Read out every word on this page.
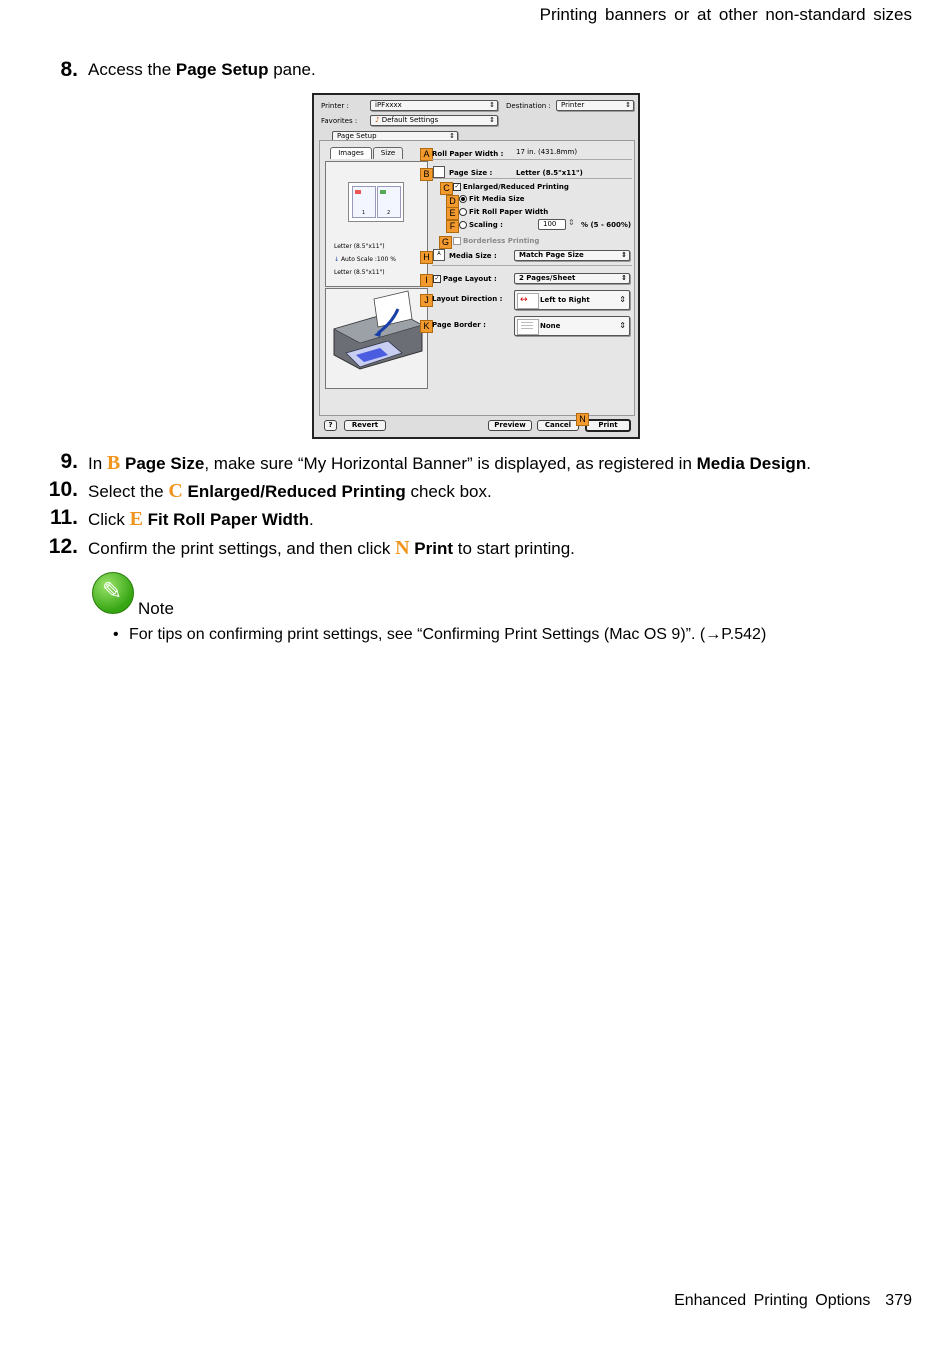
Printing banners or at other non-standard sizes
8. Access the Page Setup pane.
Printer :	iPFxxxx	⇕ Destination :	Printer	⇕
Favorites :	♪ Default Settings	⇕
Page Setup	⇕
Images	Size
1	2
Letter (8.5"x11")
↓ Auto Scale :100 %
Letter (8.5"x11")
A Roll Paper Width : 17 in. (431.8mm)
B	Page Size :	Letter (8.5"x11")
C ✓ Enlarged/Reduced Printing
D	Fit Media Size
E	Fit Roll Paper Width
F	Scaling :	100	⇕ % (5 - 600%)
G	Borderless Printing
H	A	Media Size :	Match Page Size	⇕
I	✓ Page Layout :	2 Pages/Sheet	⇕
J Layout Direction : ↔ Left to Right	⇕
K Page Border :	None	⇕
?	Revert	Preview	Cancel	Print
N
9. In B Page Size, make sure “My Horizontal Banner” is displayed, as registered in Media Design.
10. Select the C Enlarged/Reduced Printing check box.
11. Click E Fit Roll Paper Width.
12. Confirm the print settings, and then click N Print to start printing.
✎
Note
• For tips on confirming print settings, see “Confirming Print Settings (Mac OS 9)”. (→P.542)
Enhanced Printing Options 379
